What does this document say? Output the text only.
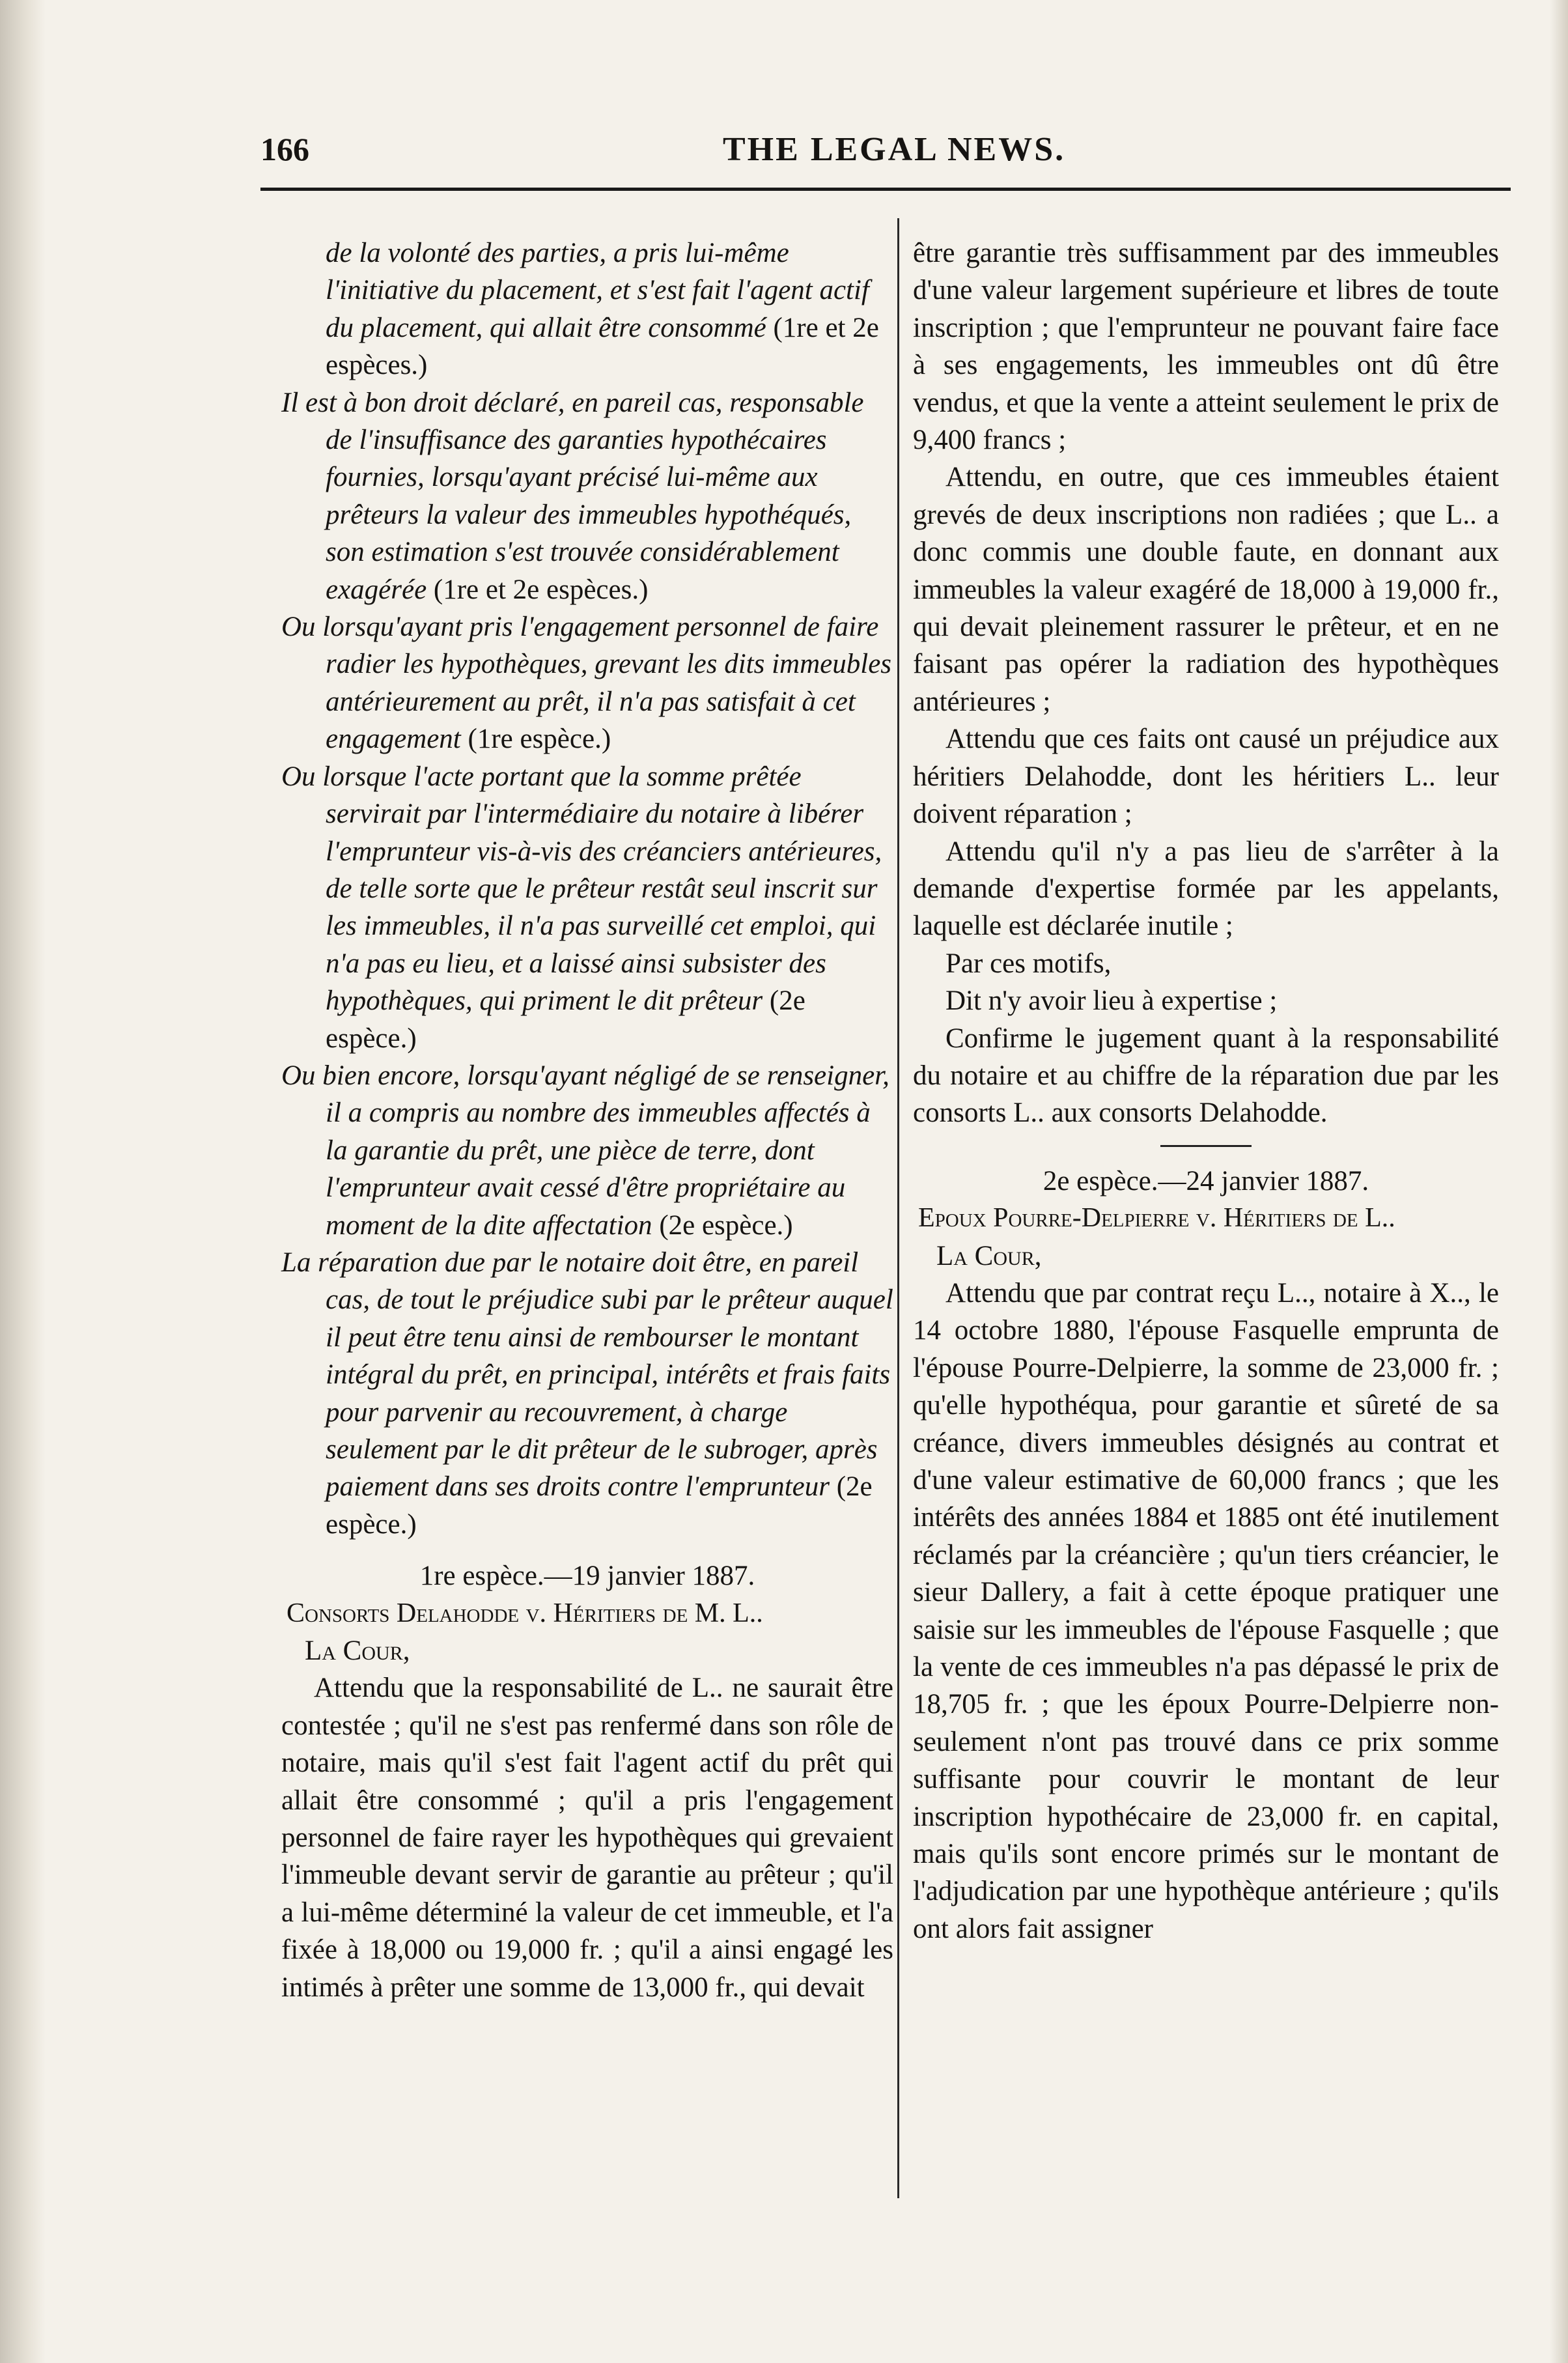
166	THE LEGAL NEWS.

de la volonté des parties, a pris lui-même l'initiative du placement, et s'est fait l'agent actif du placement, qui allait être consommé (1re et 2e espèces.)

Il est à bon droit déclaré, en pareil cas, responsable de l'insuffisance des garanties hypothécaires fournies, lorsqu'ayant précisé lui-même aux prêteurs la valeur des immeubles hypothéqués, son estimation s'est trouvée considérablement exagérée (1re et 2e espèces.)

Ou lorsqu'ayant pris l'engagement personnel de faire radier les hypothèques, grevant les dits immeubles antérieurement au prêt, il n'a pas satisfait à cet engagement (1re espèce.)

Ou lorsque l'acte portant que la somme prêtée servirait par l'intermédiaire du notaire à libérer l'emprunteur vis-à-vis des créanciers antérieures, de telle sorte que le prêteur restât seul inscrit sur les immeubles, il n'a pas surveillé cet emploi, qui n'a pas eu lieu, et a laissé ainsi subsister des hypothèques, qui priment le dit prêteur (2e espèce.)

Ou bien encore, lorsqu'ayant négligé de se renseigner, il a compris au nombre des immeubles affectés à la garantie du prêt, une pièce de terre, dont l'emprunteur avait cessé d'être propriétaire au moment de la dite affectation (2e espèce.)

La réparation due par le notaire doit être, en pareil cas, de tout le préjudice subi par le prêteur auquel il peut être tenu ainsi de rembourser le montant intégral du prêt, en principal, intérêts et frais faits pour parvenir au recouvrement, à charge seulement par le dit prêteur de le subroger, après paiement dans ses droits contre l'emprunteur (2e espèce.)

1re espèce.—19 janvier 1887.

Consorts Delahodde v. Héritiers de M. L..

La Cour,

Attendu que la responsabilité de L.. ne saurait être contestée ; qu'il ne s'est pas renfermé dans son rôle de notaire, mais qu'il s'est fait l'agent actif du prêt qui allait être consommé ; qu'il a pris l'engagement personnel de faire rayer les hypothèques qui grevaient l'immeuble devant servir de garantie au prêteur ; qu'il a lui-même déterminé la valeur de cet immeuble, et l'a fixée à 18,000 ou 19,000 fr. ; qu'il a ainsi engagé les intimés à prêter une somme de 13,000 fr., qui devait

être garantie très suffisamment par des immeubles d'une valeur largement supérieure et libres de toute inscription ; que l'emprunteur ne pouvant faire face à ses engagements, les immeubles ont dû être vendus, et que la vente a atteint seulement le prix de 9,400 francs ;

Attendu, en outre, que ces immeubles étaient grevés de deux inscriptions non radiées ; que L.. a donc commis une double faute, en donnant aux immeubles la valeur exagéré de 18,000 à 19,000 fr., qui devait pleinement rassurer le prêteur, et en ne faisant pas opérer la radiation des hypothèques antérieures ;

Attendu que ces faits ont causé un préjudice aux héritiers Delahodde, dont les héritiers L.. leur doivent réparation ;

Attendu qu'il n'y a pas lieu de s'arrêter à la demande d'expertise formée par les appelants, laquelle est déclarée inutile ;

Par ces motifs,

Dit n'y avoir lieu à expertise ;

Confirme le jugement quant à la responsabilité du notaire et au chiffre de la réparation due par les consorts L.. aux consorts Delahodde.

2e espèce.—24 janvier 1887.

Epoux Pourre-Delpierre v. Héritiers de L..

La Cour,

Attendu que par contrat reçu L.., notaire à X.., le 14 octobre 1880, l'épouse Fasquelle emprunta de l'épouse Pourre-Delpierre, la somme de 23,000 fr. ; qu'elle hypothéqua, pour garantie et sûreté de sa créance, divers immeubles désignés au contrat et d'une valeur estimative de 60,000 francs ; que les intérêts des années 1884 et 1885 ont été inutilement réclamés par la créancière ; qu'un tiers créancier, le sieur Dallery, a fait à cette époque pratiquer une saisie sur les immeubles de l'épouse Fasquelle ; que la vente de ces immeubles n'a pas dépassé le prix de 18,705 fr. ; que les époux Pourre-Delpierre non-seulement n'ont pas trouvé dans ce prix somme suffisante pour couvrir le montant de leur inscription hypothécaire de 23,000 fr. en capital, mais qu'ils sont encore primés sur le montant de l'adjudication par une hypothèque antérieure ; qu'ils ont alors fait assigner
